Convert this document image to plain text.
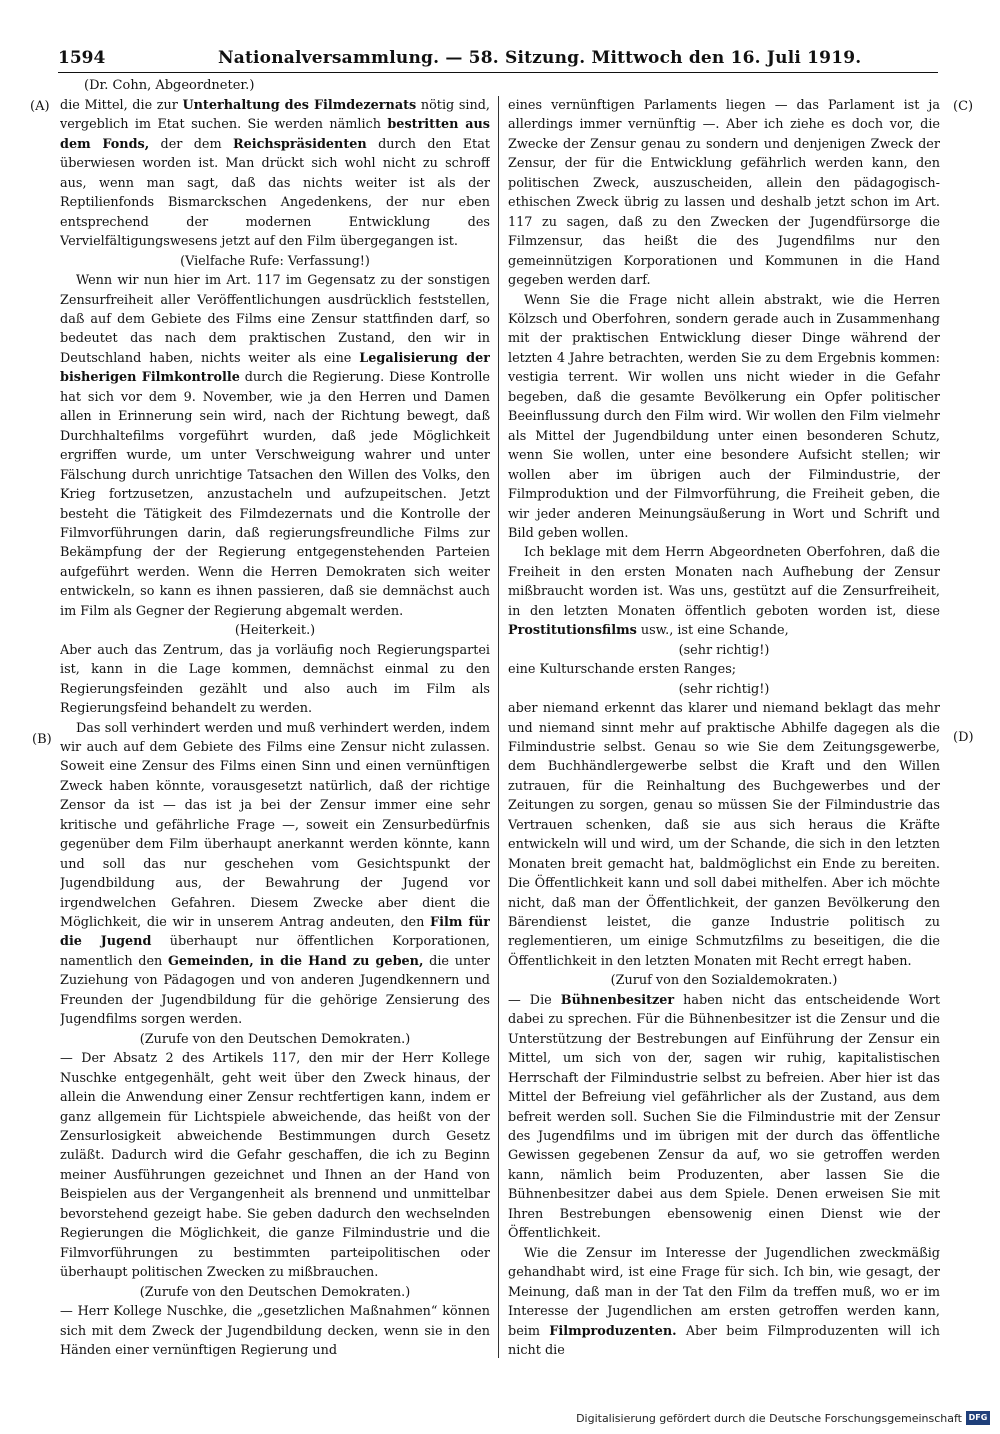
1594	Nationalversammlung. — 58. Sitzung. Mittwoch den 16. Juli 1919.
(Dr. Cohn, Abgeordneter.)
(A)
(B)
(C)
(D)

die Mittel, die zur Unterhaltung des Filmdezernats nötig sind, vergeblich im Etat suchen. Sie werden nämlich bestritten aus dem Fonds, der dem Reichspräsidenten durch den Etat überwiesen worden ist. Man drückt sich wohl nicht zu schroff aus, wenn man sagt, daß das nichts weiter ist als der Reptilienfonds Bismarckschen Angedenkens, der nur eben entsprechend der modernen Entwicklung des Vervielfältigungswesens jetzt auf den Film übergegangen ist.

(Vielfache Rufe: Verfassung!)

Wenn wir nun hier im Art. 117 im Gegensatz zu der sonstigen Zensurfreiheit aller Veröffentlichungen ausdrücklich feststellen, daß auf dem Gebiete des Films eine Zensur stattfinden darf, so bedeutet das nach dem praktischen Zustand, den wir in Deutschland haben, nichts weiter als eine Legalisierung der bisherigen Filmkontrolle durch die Regierung. Diese Kontrolle hat sich vor dem 9. November, wie ja den Herren und Damen allen in Erinnerung sein wird, nach der Richtung bewegt, daß Durchhaltefilms vorgeführt wurden, daß jede Möglichkeit ergriffen wurde, um unter Verschweigung wahrer und unter Fälschung durch unrichtige Tatsachen den Willen des Volks, den Krieg fortzusetzen, anzustacheln und aufzupeitschen. Jetzt besteht die Tätigkeit des Filmdezernats und die Kontrolle der Filmvorführungen darin, daß regierungsfreundliche Films zur Bekämpfung der der Regierung entgegenstehenden Parteien aufgeführt werden. Wenn die Herren Demokraten sich weiter entwickeln, so kann es ihnen passieren, daß sie demnächst auch im Film als Gegner der Regierung abgemalt werden.

(Heiterkeit.)

Aber auch das Zentrum, das ja vorläufig noch Regierungspartei ist, kann in die Lage kommen, demnächst einmal zu den Regierungsfeinden gezählt und also auch im Film als Regierungsfeind behandelt zu werden.

Das soll verhindert werden und muß verhindert werden, indem wir auch auf dem Gebiete des Films eine Zensur nicht zulassen. Soweit eine Zensur des Films einen Sinn und einen vernünftigen Zweck haben könnte, vorausgesetzt natürlich, daß der richtige Zensor da ist — das ist ja bei der Zensur immer eine sehr kritische und gefährliche Frage —, soweit ein Zensurbedürfnis gegenüber dem Film überhaupt anerkannt werden könnte, kann und soll das nur geschehen vom Gesichtspunkt der Jugendbildung aus, der Bewahrung der Jugend vor irgendwelchen Gefahren. Diesem Zwecke aber dient die Möglichkeit, die wir in unserem Antrag andeuten, den Film für die Jugend überhaupt nur öffentlichen Korporationen, namentlich den Gemeinden, in die Hand zu geben, die unter Zuziehung von Pädagogen und von anderen Jugendkennern und Freunden der Jugendbildung für die gehörige Zensierung des Jugendfilms sorgen werden.

(Zurufe von den Deutschen Demokraten.)

— Der Absatz 2 des Artikels 117, den mir der Herr Kollege Nuschke entgegenhält, geht weit über den Zweck hinaus, der allein die Anwendung einer Zensur rechtfertigen kann, indem er ganz allgemein für Lichtspiele abweichende, das heißt von der Zensurlosigkeit abweichende Bestimmungen durch Gesetz zuläßt. Dadurch wird die Gefahr geschaffen, die ich zu Beginn meiner Ausführungen gezeichnet und Ihnen an der Hand von Beispielen aus der Vergangenheit als brennend und unmittelbar bevorstehend gezeigt habe. Sie geben dadurch den wechselnden Regierungen die Möglichkeit, die ganze Filmindustrie und die Filmvorführungen zu bestimmten parteipolitischen oder überhaupt politischen Zwecken zu mißbrauchen.

(Zurufe von den Deutschen Demokraten.)

— Herr Kollege Nuschke, die „gesetzlichen Maßnahmen“ können sich mit dem Zweck der Jugendbildung decken, wenn sie in den Händen einer vernünftigen Regierung und

eines vernünftigen Parlaments liegen — das Parlament ist ja allerdings immer vernünftig —. Aber ich ziehe es doch vor, die Zwecke der Zensur genau zu sondern und denjenigen Zweck der Zensur, der für die Entwicklung gefährlich werden kann, den politischen Zweck, auszuscheiden, allein den pädagogisch-ethischen Zweck übrig zu lassen und deshalb jetzt schon im Art. 117 zu sagen, daß zu den Zwecken der Jugendfürsorge die Filmzensur, das heißt die des Jugendfilms nur den gemeinnützigen Korporationen und Kommunen in die Hand gegeben werden darf.

Wenn Sie die Frage nicht allein abstrakt, wie die Herren Kölzsch und Oberfohren, sondern gerade auch in Zusammenhang mit der praktischen Entwicklung dieser Dinge während der letzten 4 Jahre betrachten, werden Sie zu dem Ergebnis kommen: vestigia terrent. Wir wollen uns nicht wieder in die Gefahr begeben, daß die gesamte Bevölkerung ein Opfer politischer Beeinflussung durch den Film wird. Wir wollen den Film vielmehr als Mittel der Jugendbildung unter einen besonderen Schutz, wenn Sie wollen, unter eine besondere Aufsicht stellen; wir wollen aber im übrigen auch der Filmindustrie, der Filmproduktion und der Filmvorführung, die Freiheit geben, die wir jeder anderen Meinungsäußerung in Wort und Schrift und Bild geben wollen.

Ich beklage mit dem Herrn Abgeordneten Oberfohren, daß die Freiheit in den ersten Monaten nach Aufhebung der Zensur mißbraucht worden ist. Was uns, gestützt auf die Zensurfreiheit, in den letzten Monaten öffentlich geboten worden ist, diese Prostitutionsfilms usw., ist eine Schande,

(sehr richtig!)

eine Kulturschande ersten Ranges;

(sehr richtig!)

aber niemand erkennt das klarer und niemand beklagt das mehr und niemand sinnt mehr auf praktische Abhilfe dagegen als die Filmindustrie selbst. Genau so wie Sie dem Zeitungsgewerbe, dem Buchhändlergewerbe selbst die Kraft und den Willen zutrauen, für die Reinhaltung des Buchgewerbes und der Zeitungen zu sorgen, genau so müssen Sie der Filmindustrie das Vertrauen schenken, daß sie aus sich heraus die Kräfte entwickeln will und wird, um der Schande, die sich in den letzten Monaten breit gemacht hat, baldmöglichst ein Ende zu bereiten. Die Öffentlichkeit kann und soll dabei mithelfen. Aber ich möchte nicht, daß man der Öffentlichkeit, der ganzen Bevölkerung den Bärendienst leistet, die ganze Industrie politisch zu reglementieren, um einige Schmutzfilms zu beseitigen, die die Öffentlichkeit in den letzten Monaten mit Recht erregt haben.

(Zuruf von den Sozialdemokraten.)

— Die Bühnenbesitzer haben nicht das entscheidende Wort dabei zu sprechen. Für die Bühnenbesitzer ist die Zensur und die Unterstützung der Bestrebungen auf Einführung der Zensur ein Mittel, um sich von der, sagen wir ruhig, kapitalistischen Herrschaft der Filmindustrie selbst zu befreien. Aber hier ist das Mittel der Befreiung viel gefährlicher als der Zustand, aus dem befreit werden soll. Suchen Sie die Filmindustrie mit der Zensur des Jugendfilms und im übrigen mit der durch das öffentliche Gewissen gegebenen Zensur da auf, wo sie getroffen werden kann, nämlich beim Produzenten, aber lassen Sie die Bühnenbesitzer dabei aus dem Spiele. Denen erweisen Sie mit Ihren Bestrebungen ebensowenig einen Dienst wie der Öffentlichkeit.

Wie die Zensur im Interesse der Jugendlichen zweckmäßig gehandhabt wird, ist eine Frage für sich. Ich bin, wie gesagt, der Meinung, daß man in der Tat den Film da treffen muß, wo er im Interesse der Jugendlichen am ersten getroffen werden kann, beim Filmproduzenten. Aber beim Filmproduzenten will ich nicht die

Digitalisierung gefördert durch die Deutsche Forschungsgemeinschaft DFG
